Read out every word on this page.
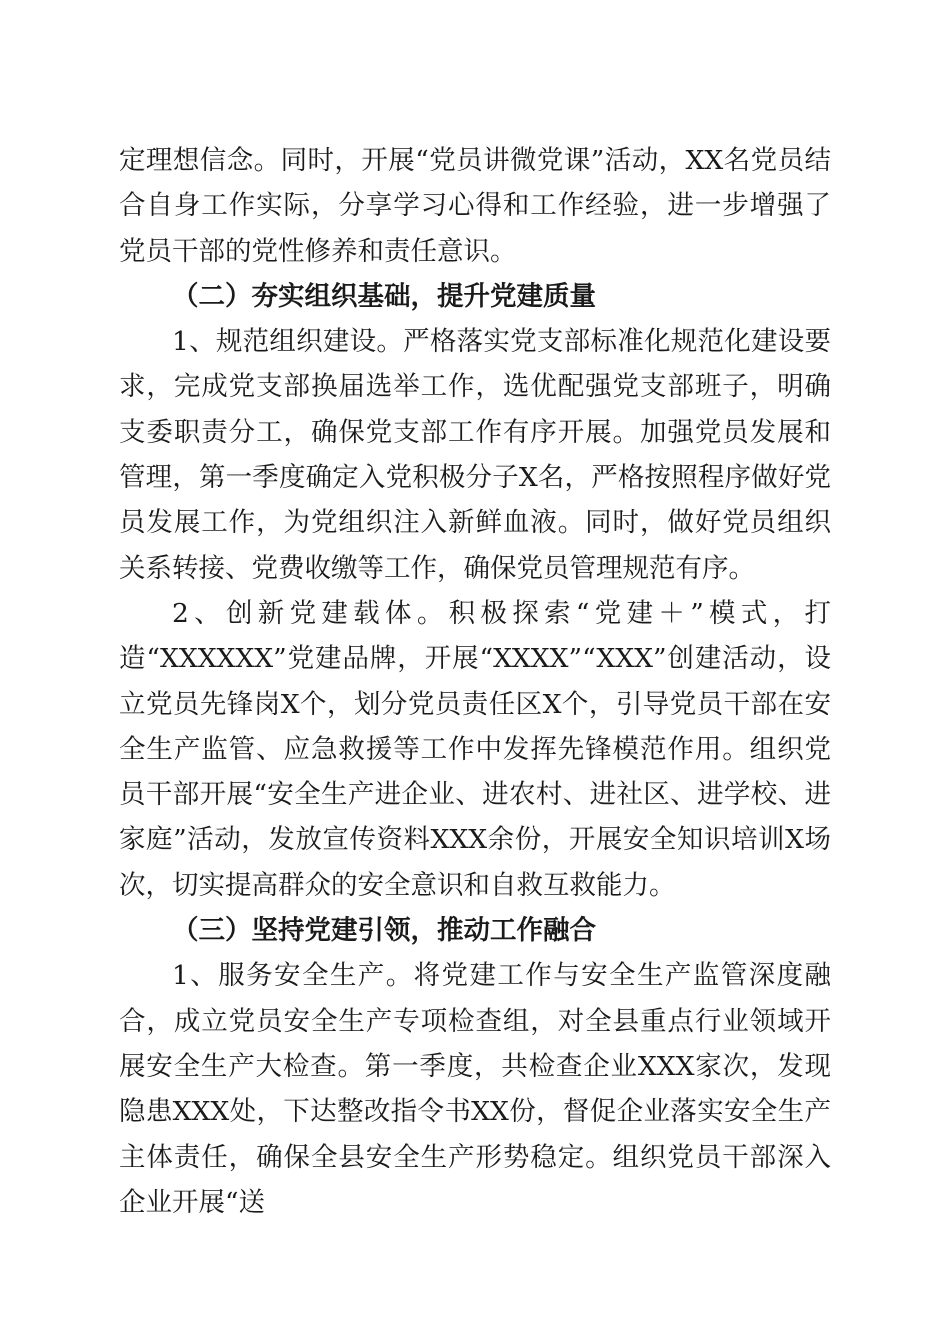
定理想信念。同时，开展“党员讲微党课”活动，XX名党员结合自身工作实际，分享学习心得和工作经验，进一步增强了党员干部的党性修养和责任意识。

（二）夯实组织基础，提升党建质量

1、规范组织建设。严格落实党支部标准化规范化建设要求，完成党支部换届选举工作，选优配强党支部班子，明确支委职责分工，确保党支部工作有序开展。加强党员发展和管理，第一季度确定入党积极分子X名，严格按照程序做好党员发展工作，为党组织注入新鲜血液。同时，做好党员组织关系转接、党费收缴等工作，确保党员管理规范有序。

2、创新党建载体。积极探索“党建＋”模式，打造“XXXXXX”党建品牌，开展“XXXX”“XXX”创建活动，设立党员先锋岗X个，划分党员责任区X个，引导党员干部在安全生产监管、应急救援等工作中发挥先锋模范作用。组织党员干部开展“安全生产进企业、进农村、进社区、进学校、进家庭”活动，发放宣传资料XXX余份，开展安全知识培训X场次，切实提高群众的安全意识和自救互救能力。

（三）坚持党建引领，推动工作融合

1、服务安全生产。将党建工作与安全生产监管深度融合，成立党员安全生产专项检查组，对全县重点行业领域开展安全生产大检查。第一季度，共检查企业XXX家次，发现隐患XXX处，下达整改指令书XX份，督促企业落实安全生产主体责任，确保全县安全生产形势稳定。组织党员干部深入企业开展“送
